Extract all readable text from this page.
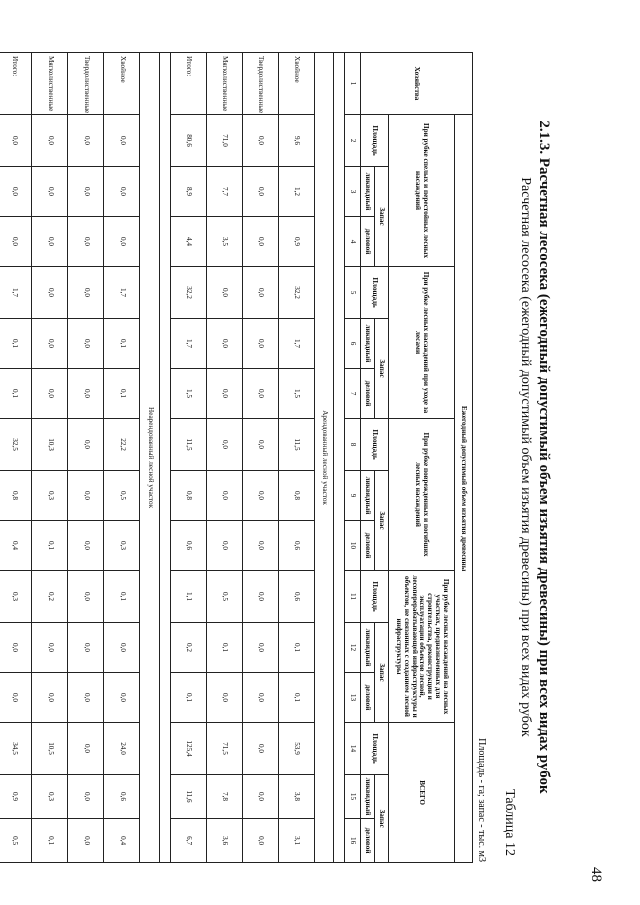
48
2.1.3. Расчетная лесосека (ежегодный допустимый объем изъятия древесины) при всех видах рубок
Расчетная лесосека (ежегодный допустимый объем изъятия древесины) при всех видах рубок
Таблица 12
Площадь - га; запас - тыс. м3
Хозяйства	Ежегодный допустимый объем изъятия древесины														
	При рубке спелых и перестойных лесных насаждений			При рубке лесных насаждений при уходе за лесами			При рубке поврежденных и погибших лесных насаждений			При рубке лесных насаждений на лесных участках, предназначенных для строительства, реконструкции и эксплуатации объектов лесной, лесоперерабатывающей инфраструктуры и объектов, не связанных с созданием лесной инфраструктуры			ВСЕГО		
	Площадь	Запас		Площадь	Запас		Площадь	Запас		Площадь	Запас		Площадь	Запас	
		ликвидный	деловой		ликвидный	деловой		ликвидный	деловой		ликвидный	деловой		ликвидный	деловой
1	2	3	4	5	6	7	8	9	10	11	12	13	14	15	16

Арендованный лесной участок															
Хвойное	9,6	1,2	0,9	32,2	1,7	1,5	11,5	0,8	0,6	0,6	0,1	0,1	53,9	3,8	3,1
Твердолиственные	0,0	0,0	0,0	0,0	0,0	0,0	0,0	0,0	0,0	0,0	0,0	0,0	0,0	0,0	0,0
Мягколиственные	71,0	7,7	3,5	0,0	0,0	0,0	0,0	0,0	0,0	0,5	0,1	0,0	71,5	7,8	3,6
Итого:	80,6	8,9	4,4	32,2	1,7	1,5	11,5	0,8	0,6	1,1	0,2	0,1	125,4	11,6	6,7

Неарендованный лесной участок															
Хвойное	0,0	0,0	0,0	1,7	0,1	0,1	22,2	0,5	0,3	0,1	0,0	0,0	24,0	0,6	0,4
Твердолиственные	0,0	0,0	0,0	0,0	0,0	0,0	0,0	0,0	0,0	0,0	0,0	0,0	0,0	0,0	0,0
Мягколиственные	0,0	0,0	0,0	0,0	0,0	0,0	10,3	0,3	0,1	0,2	0,0	0,0	10,5	0,3	0,1
Итого:	0,0	0,0	0,0	1,7	0,1	0,1	32,5	0,8	0,4	0,3	0,0	0,0	34,5	0,9	0,5
